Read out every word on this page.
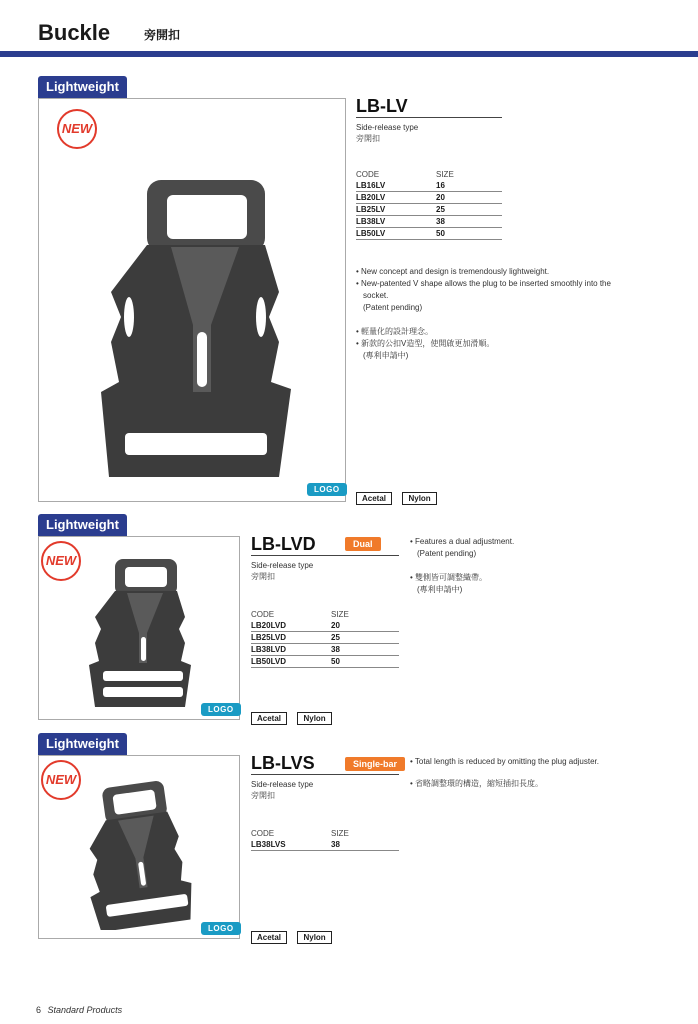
Buckle	旁開扣
Lightweight
NEW
LOGO
LB-LV
Side-release type
旁開扣
CODE	SIZE
LB16LV	16
LB20LV	20
LB25LV	25
LB38LV	38
LB50LV	50
• New concept and design is tremendously lightweight.
• New-patented V shape allows the plug to be inserted smoothly into the
socket.
(Patent pending)
• 輕量化的設計理念。
• 新款的公扣V造型，使開啟更加滑順。
(專利申請中)
Acetal	Nylon
Lightweight
NEW
LOGO
LB-LVD	Dual
Side-release type
旁開扣
CODE	SIZE
LB20LVD	20
LB25LVD	25
LB38LVD	38
LB50LVD	50
• Features a dual adjustment.
(Patent pending)
• 雙側皆可調整織帶。
(專利申請中)
Acetal	Nylon
Lightweight
NEW
LOGO
LB-LVS	Single-bar
Side-release type
旁開扣
CODE	SIZE
LB38LVS	38
• Total length is reduced by omitting the plug adjuster.
• 省略調整環的構造，縮短插扣長度。
Acetal	Nylon
6 Standard Products
